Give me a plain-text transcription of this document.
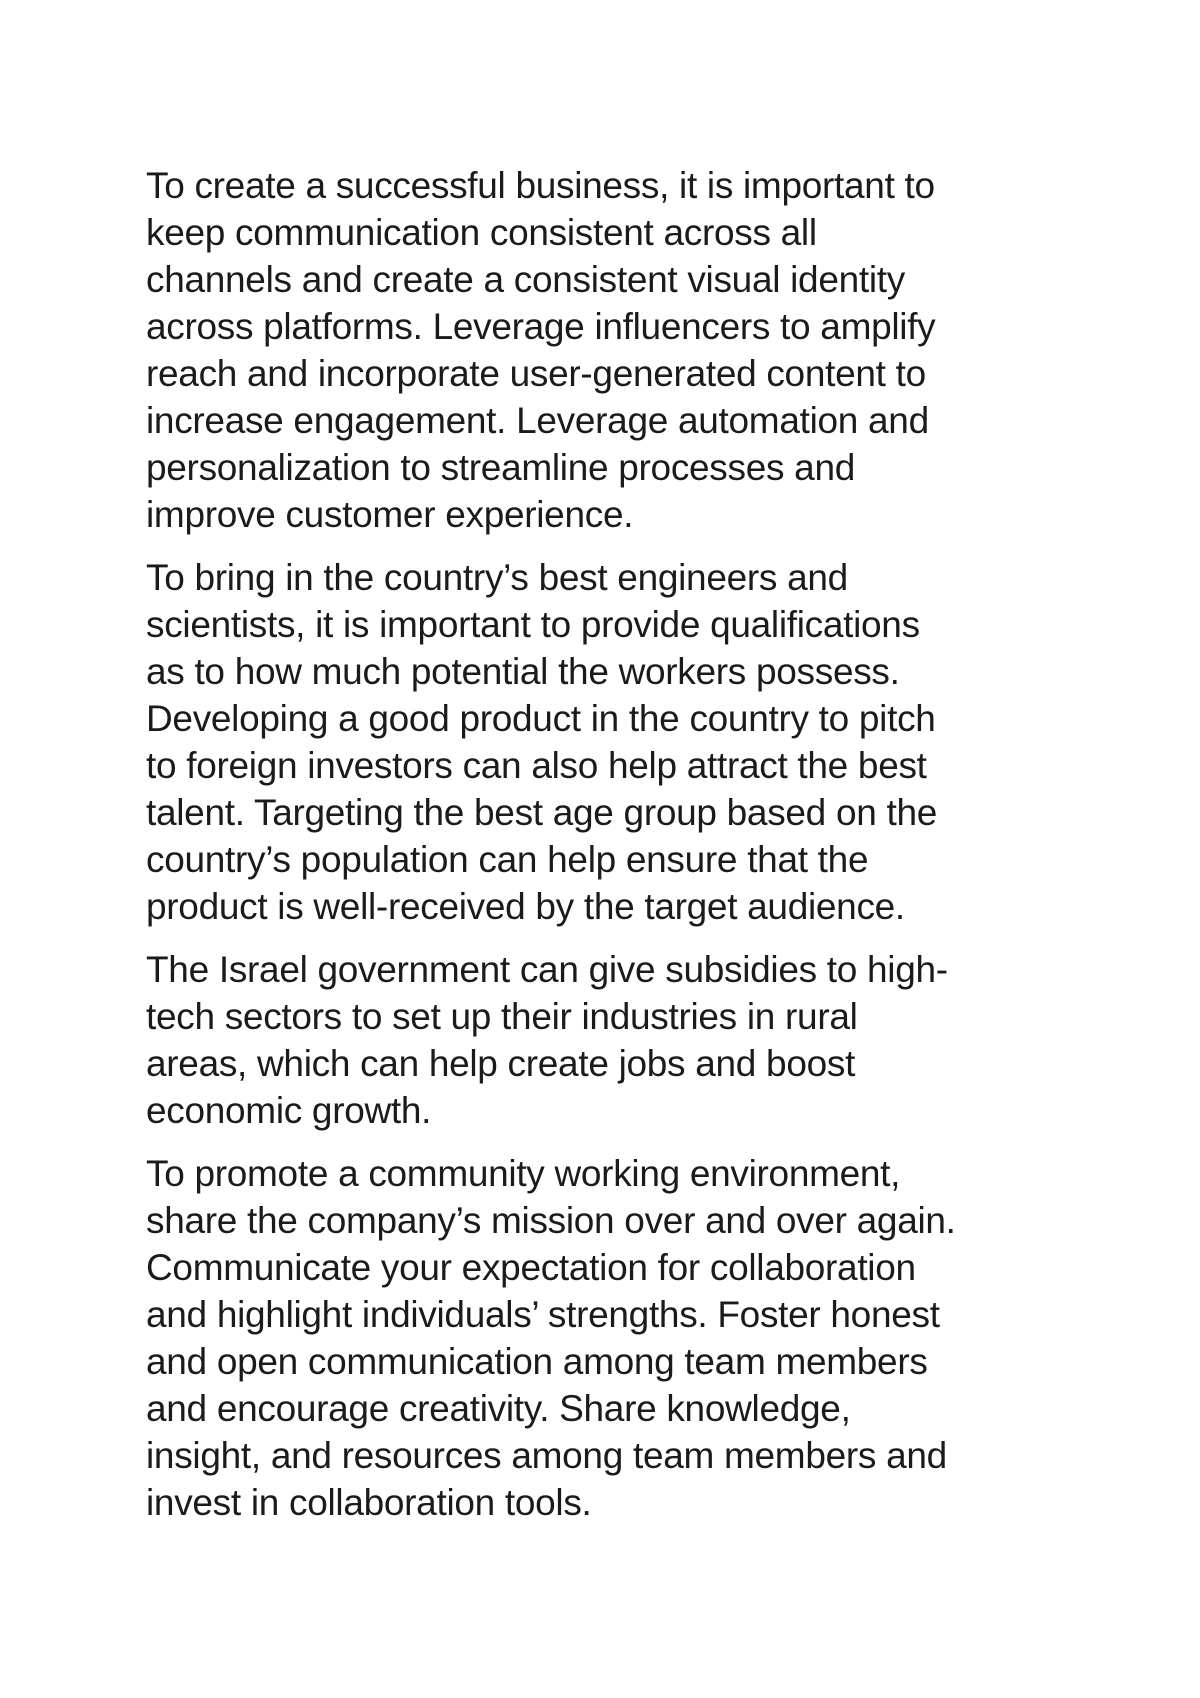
To create a successful business, it is important to
keep communication consistent across all
channels and create a consistent visual identity
across platforms. Leverage influencers to amplify
reach and incorporate user-generated content to
increase engagement. Leverage automation and
personalization to streamline processes and
improve customer experience.

To bring in the country’s best engineers and
scientists, it is important to provide qualifications
as to how much potential the workers possess.
Developing a good product in the country to pitch
to foreign investors can also help attract the best
talent. Targeting the best age group based on the
country’s population can help ensure that the
product is well-received by the target audience.

The Israel government can give subsidies to high-
tech sectors to set up their industries in rural
areas, which can help create jobs and boost
economic growth.

To promote a community working environment,
share the company’s mission over and over again.
Communicate your expectation for collaboration
and highlight individuals’ strengths. Foster honest
and open communication among team members
and encourage creativity. Share knowledge,
insight, and resources among team members and
invest in collaboration tools.
